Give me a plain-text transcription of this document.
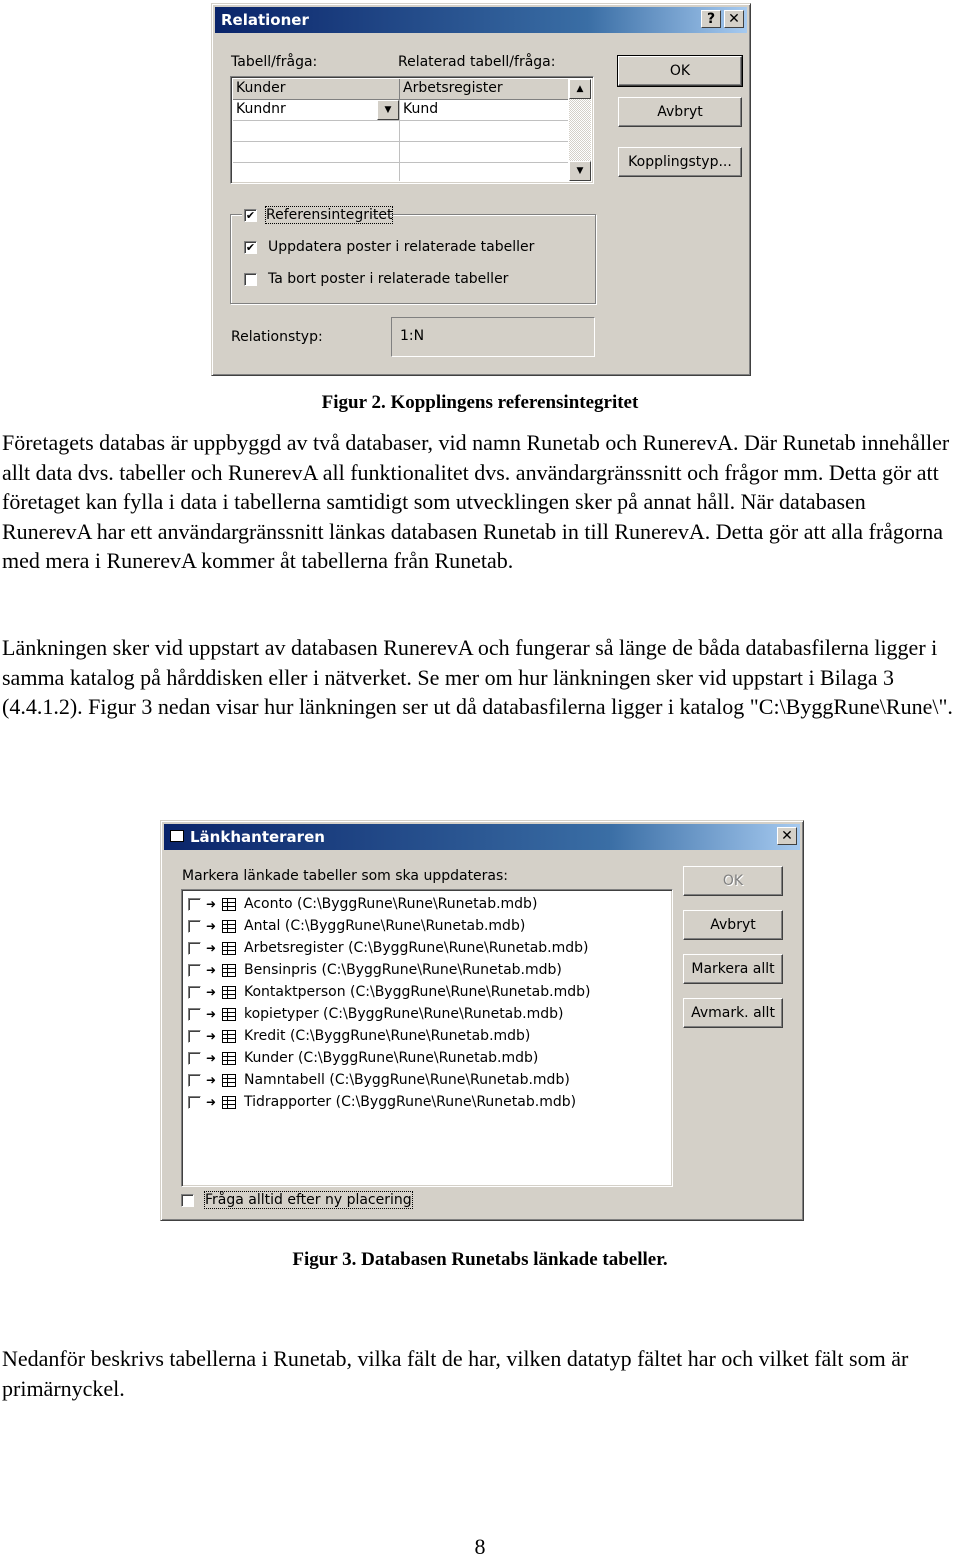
Relationer	? ✕
Tabell/fråga:	Relaterad tabell/fråga:
Kunder	Arbetsregister
Kundnr	▼ Kund
▲
▼
OK
Avbryt
Kopplingstyp...
✔ Referensintegritet
✔ Uppdatera poster i relaterade tabeller
Ta bort poster i relaterade tabeller
Relationstyp:	1:N
Figur 2. Kopplingens referensintegritet

Företagets databas är uppbyggd av två databaser, vid namn Runetab och RunerevA. Där Runetab innehåller allt data dvs. tabeller och RunerevA all funktionalitet dvs. användargränssnitt och frågor mm. Detta gör att företaget kan fylla i data i tabellerna samtidigt som utvecklingen sker på annat håll. När databasen RunerevA har ett användargränssnitt länkas databasen Runetab in till RunerevA. Detta gör att alla frågorna med mera i RunerevA kommer åt tabellerna från Runetab.

Länkningen sker vid uppstart av databasen RunerevA och fungerar så länge de båda databasfilerna ligger i samma katalog på hårddisken eller i nätverket. Se mer om hur länkningen sker vid uppstart i Bilaga 3 (4.4.1.2). Figur 3 nedan visar hur länkningen ser ut då databasfilerna ligger i katalog "C:\ByggRune\Rune\".

Länkhanteraren	✕
Markera länkade tabeller som ska uppdateras:
➜ Aconto (C:\ByggRune\Rune\Runetab.mdb)
➜ Antal (C:\ByggRune\Rune\Runetab.mdb)
➜ Arbetsregister (C:\ByggRune\Rune\Runetab.mdb)
➜ Bensinpris (C:\ByggRune\Rune\Runetab.mdb)
➜ Kontaktperson (C:\ByggRune\Rune\Runetab.mdb)
➜ kopietyper (C:\ByggRune\Rune\Runetab.mdb)
➜ Kredit (C:\ByggRune\Rune\Runetab.mdb)
➜ Kunder (C:\ByggRune\Rune\Runetab.mdb)
➜ Namntabell (C:\ByggRune\Rune\Runetab.mdb)
➜ Tidrapporter (C:\ByggRune\Rune\Runetab.mdb)
OK
Avbryt
Markera allt
Avmark. allt
Fråga alltid efter ny placering
Figur 3. Databasen Runetabs länkade tabeller.

Nedanför beskrivs tabellerna i Runetab, vilka fält de har, vilken datatyp fältet har och vilket fält som är primärnyckel.

8
